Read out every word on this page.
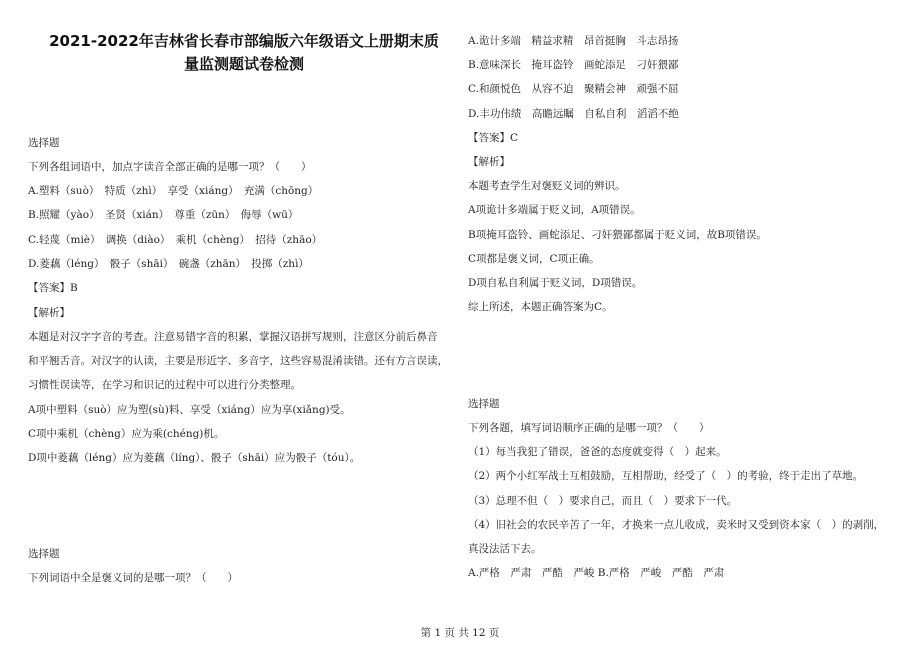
2021-2022年吉林省长春市部编版六年级语文上册期末质
量监测题试卷检测
选择题
下列各组词语中，加点字读音全部正确的是哪一项？（　　）
A.塑料（suò）　特质（zhì）　享受（xiáng）　充满（chōng）
B.照耀（yào）　圣贤（xián）　尊重（zūn）　侮辱（wū）
C.轻蔑（miè）　调换（diào）　乘机（chèng）　招待（zhāo）
D.菱藕（léng）　骰子（shāi）　碗盏（zhān）　投掷（zhì）
【答案】B
【解析】
本题是对汉字字音的考查。注意易错字音的积累，掌握汉语拼写规则，注意区分前后鼻音
和平翘舌音。对汉字的认读，主要是形近字、多音字，这些容易混淆读错。还有方言误读，
习惯性误读等，在学习和识记的过程中可以进行分类整理。
A项中塑料（suò）应为塑(sù)料、享受（xiáng）应为享(xiǎng)受。
C项中乘机（chèng）应为乘(chéng)机。
D项中菱藕（léng）应为菱藕（líng）、骰子（shāi）应为骰子（tóu）。
选择题
下列词语中全是褒义词的是哪一项？（　　）
A.诡计多端　精益求精　昂首挺胸　斗志昂扬
B.意味深长　掩耳盗铃　画蛇添足　刁奸猥鄙
C.和颜悦色　从容不迫　聚精会神　顽强不屈
D.丰功伟绩　高瞻远瞩　自私自利　滔滔不绝
【答案】C
【解析】
本题考查学生对褒贬义词的辨识。
A项诡计多端属于贬义词，A项错误。
B项掩耳盗铃、画蛇添足、刁奸猥鄙都属于贬义词，故B项错误。
C项都是褒义词，C项正确。
D项自私自利属于贬义词，D项错误。
综上所述，本题正确答案为C。
选择题
下列各题，填写词语顺序正确的是哪一项？（　　）
（1）每当我犯了错误，爸爸的态度就变得（　）起来。
（2）两个小红军战士互相鼓励，互相帮助，经受了（　）的考验，终于走出了草地。
（3）总理不但（　）要求自己，而且（　）要求下一代。
（4）旧社会的农民辛苦了一年，才换来一点儿收成，卖米时又受到资本家（　）的剥削，
真没法活下去。
A.严格　严肃　严酷　严峻 B.严格　严峻　严酷　严肃
第 1 页 共 12 页
